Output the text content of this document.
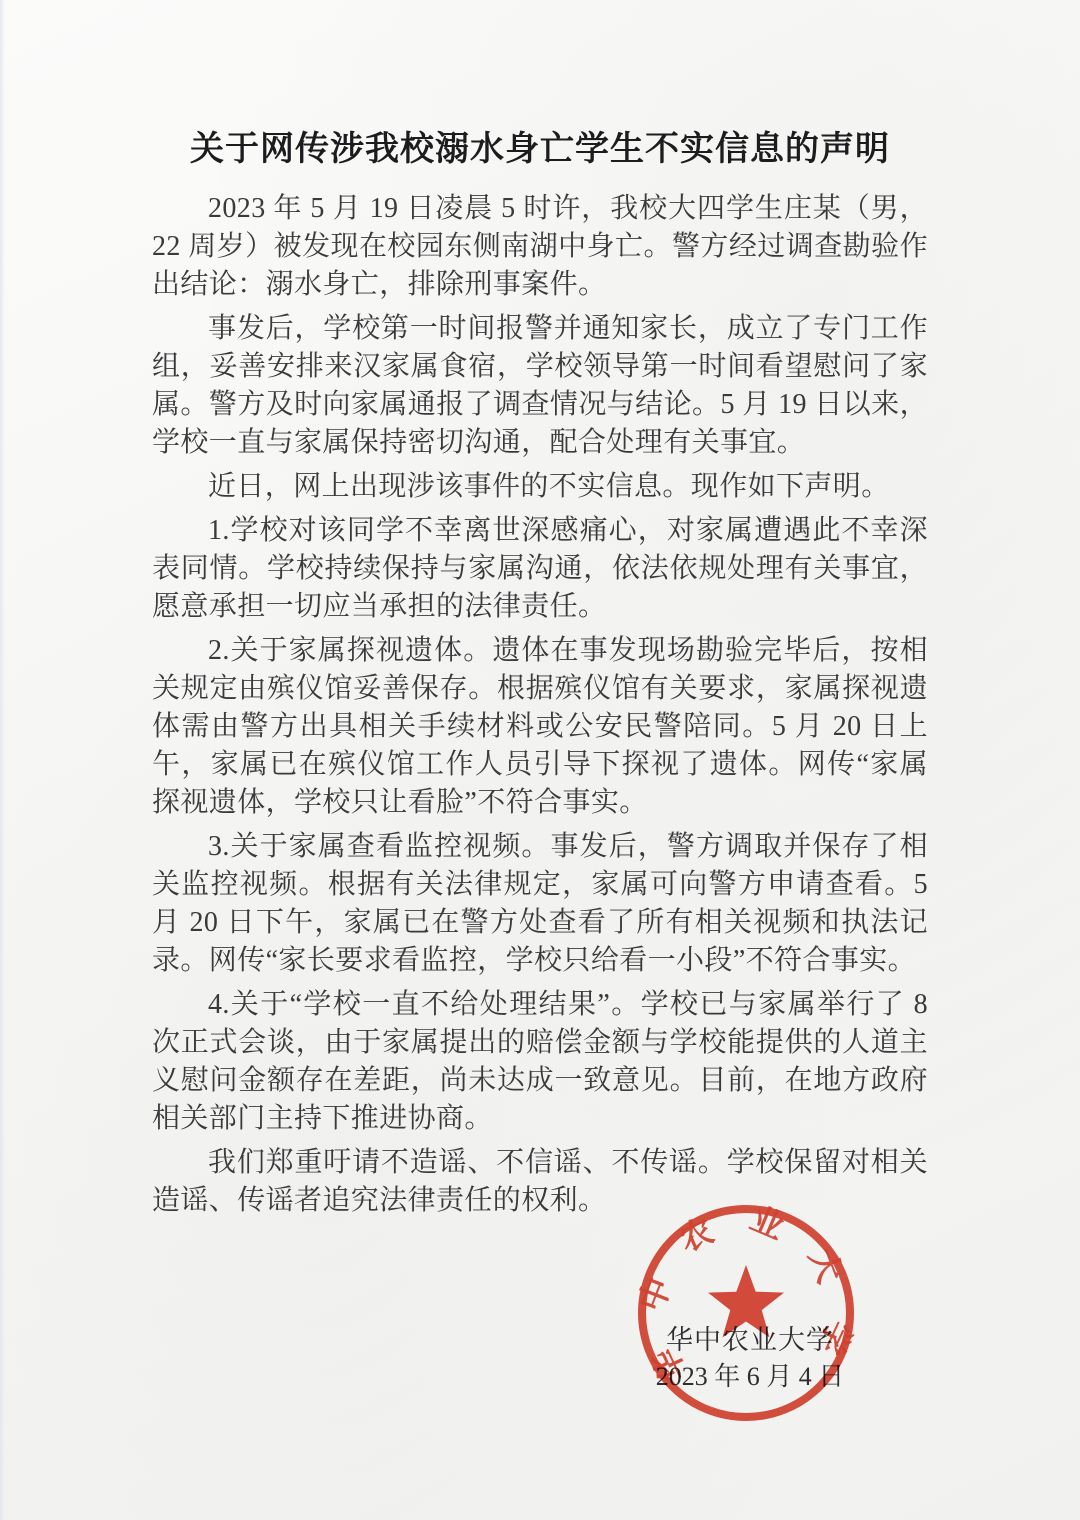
关于网传涉我校溺水身亡学生不实信息的声明

2023 年 5 月 19 日凌晨 5 时许，我校大四学生庄某（男，22 周岁）被发现在校园东侧南湖中身亡。警方经过调查勘验作出结论：溺水身亡，排除刑事案件。

事发后，学校第一时间报警并通知家长，成立了专门工作组，妥善安排来汉家属食宿，学校领导第一时间看望慰问了家属。警方及时向家属通报了调查情况与结论。5 月 19 日以来，学校一直与家属保持密切沟通，配合处理有关事宜。

近日，网上出现涉该事件的不实信息。现作如下声明。

1.学校对该同学不幸离世深感痛心，对家属遭遇此不幸深表同情。学校持续保持与家属沟通，依法依规处理有关事宜，愿意承担一切应当承担的法律责任。

2.关于家属探视遗体。遗体在事发现场勘验完毕后，按相关规定由殡仪馆妥善保存。根据殡仪馆有关要求，家属探视遗体需由警方出具相关手续材料或公安民警陪同。5 月 20 日上午，家属已在殡仪馆工作人员引导下探视了遗体。网传“家属探视遗体，学校只让看脸”不符合事实。

3.关于家属查看监控视频。事发后，警方调取并保存了相关监控视频。根据有关法律规定，家属可向警方申请查看。5 月 20 日下午，家属已在警方处查看了所有相关视频和执法记录。网传“家长要求看监控，学校只给看一小段”不符合事实。

4.关于“学校一直不给处理结果”。学校已与家属举行了 8 次正式会谈，由于家属提出的赔偿金额与学校能提供的人道主义慰问金额存在差距，尚未达成一致意见。目前，在地方政府相关部门主持下推进协商。

我们郑重吁请不造谣、不信谣、不传谣。学校保留对相关造谣、传谣者追究法律责任的权利。

华中农业大学
2023 年 6 月 4 日
华中农业大学
